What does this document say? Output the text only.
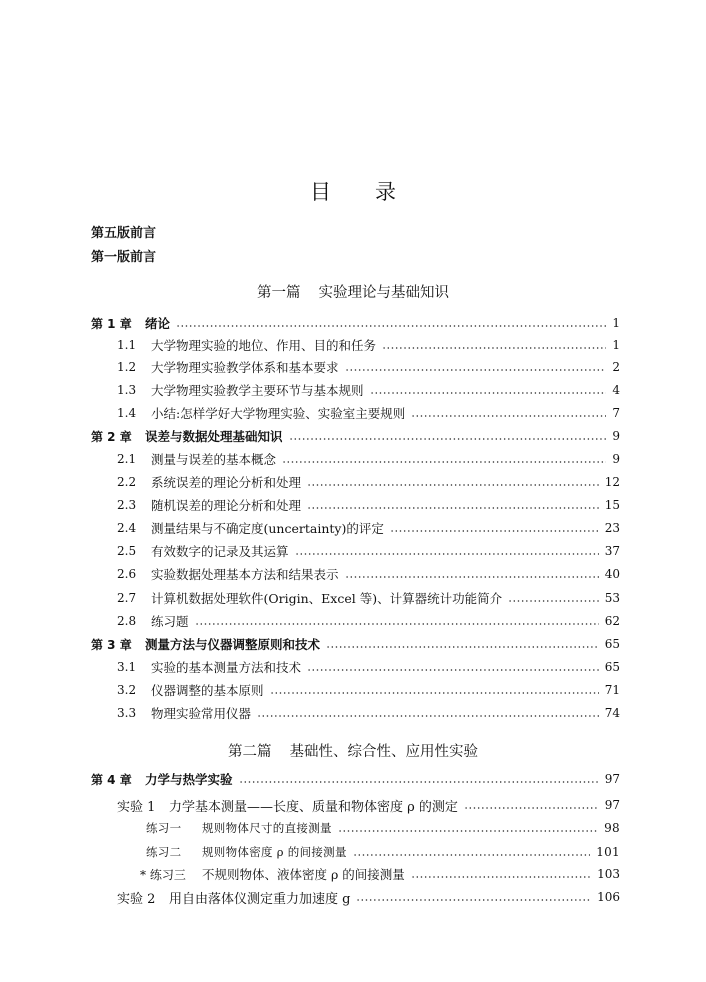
目录
第五版前言
第一版前言
第一篇 实验理论与基础知识
第二篇 基础性、综合性、应用性实验
第 1 章	绪论	1
1.1	大学物理实验的地位、作用、目的和任务	1
1.2	大学物理实验教学体系和基本要求	2
1.3	大学物理实验教学主要环节与基本规则	4
1.4	小结:怎样学好大学物理实验、实验室主要规则	7
第 2 章	误差与数据处理基础知识	9
2.1	测量与误差的基本概念	9
2.2	系统误差的理论分析和处理	12
2.3	随机误差的理论分析和处理	15
2.4	测量结果与不确定度(uncertainty)的评定	23
2.5	有效数字的记录及其运算	37
2.6	实验数据处理基本方法和结果表示	40
2.7	计算机数据处理软件(Origin、Excel 等)、计算器统计功能简介	53
2.8	练习题	62
第 3 章	测量方法与仪器调整原则和技术	65
3.1	实验的基本测量方法和技术	65
3.2	仪器调整的基本原则	71
3.3	物理实验常用仪器	74
第 4 章	力学与热学实验	97
实验 1	力学基本测量——长度、质量和物体密度 ρ 的测定	97
练习一	规则物体尺寸的直接测量	98
练习二	规则物体密度 ρ 的间接测量	101
* 练习三	不规则物体、液体密度 ρ 的间接测量	103
实验 2	用自由落体仪测定重力加速度 g	106
